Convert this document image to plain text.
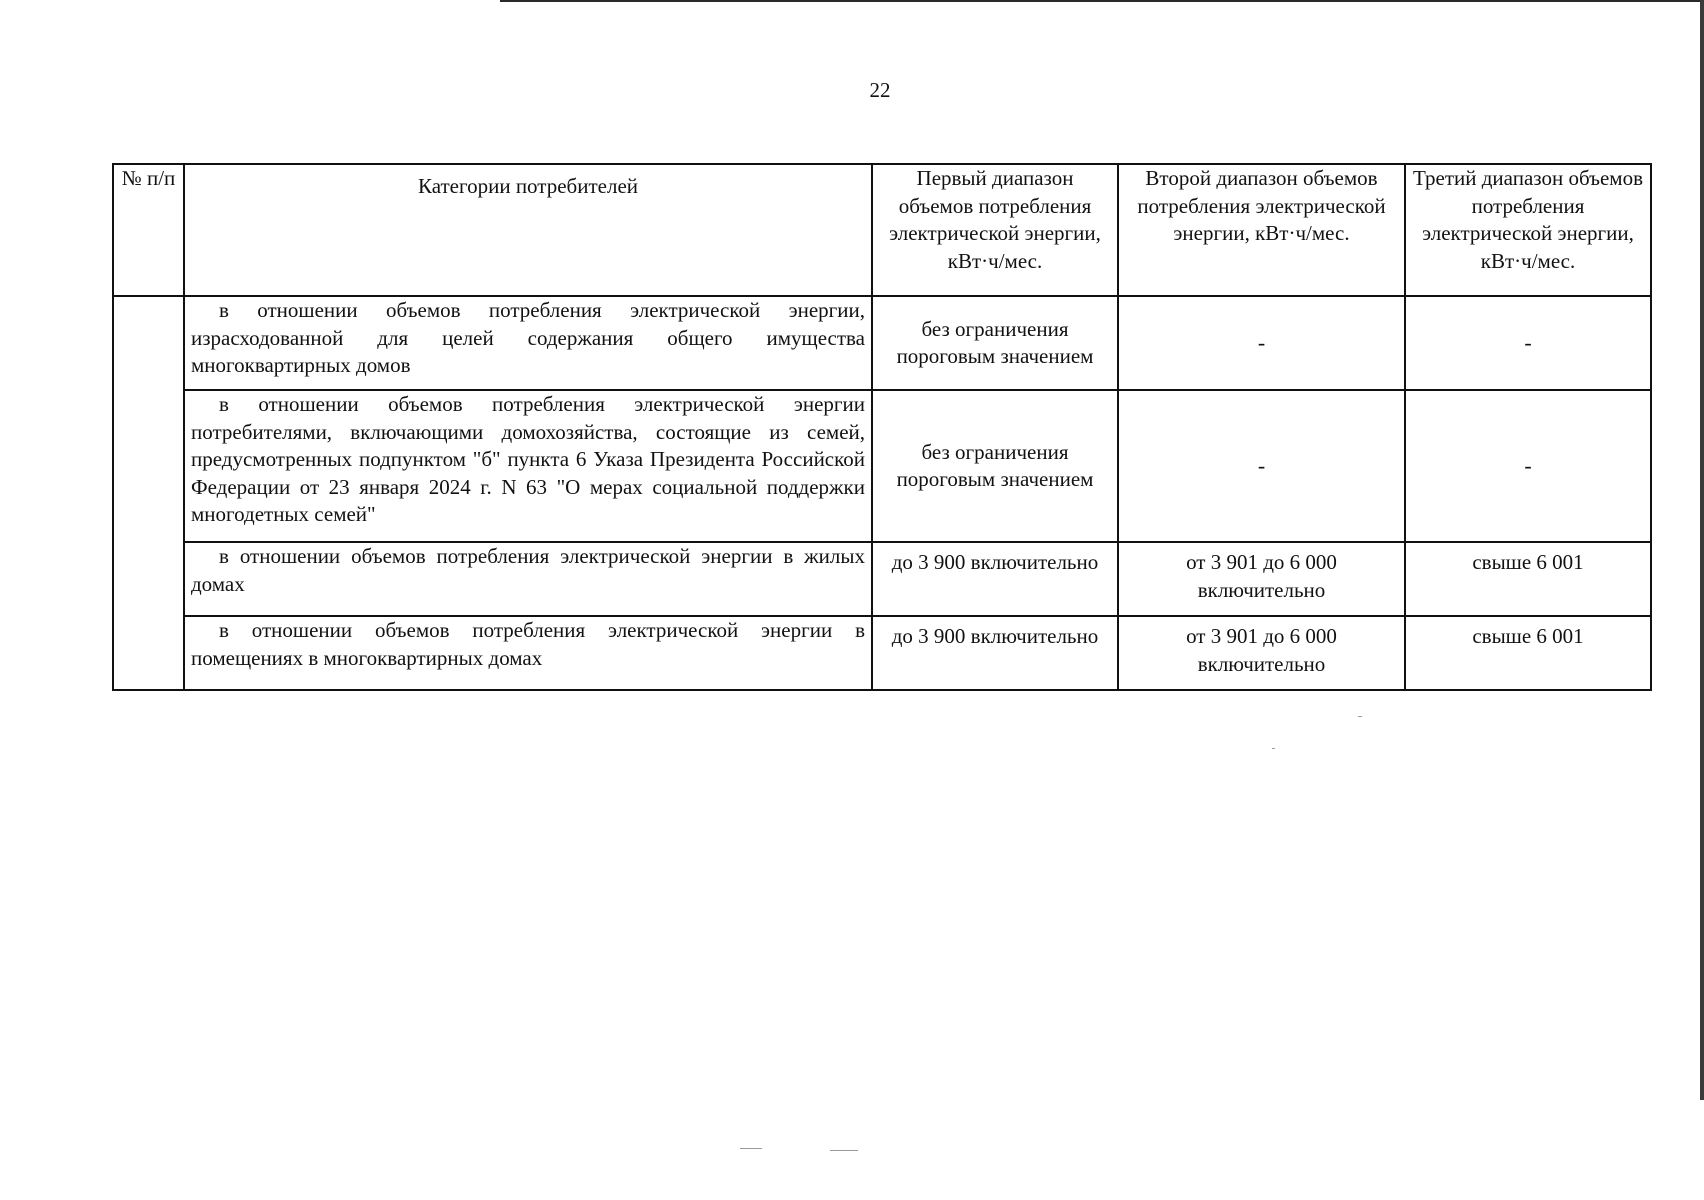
22
№ п/п	Категории потребителей	Первый диапазон объемов потребления электрической энергии, кВт·ч/мес.	Второй диапазон объемов потребления электрической энергии, кВт·ч/мес.	Третий диапазон объемов потребления электрической энергии, кВт·ч/мес.
	в отношении объемов потребления электрической энергии, израсходованной для целей содержания общего имущества многоквартирных домов	без ограничения пороговым значением	-	-
	в отношении объемов потребления электрической энергии потребителями, включающими домохозяйства, состоящие из семей, предусмотренных подпунктом "б" пункта 6 Указа Президента Российской Федерации от 23 января 2024 г. N 63 "О мерах социальной поддержки многодетных семей"	без ограничения пороговым значением	-	-
	в отношении объемов потребления электрической энергии в жилых домах	до 3 900 включительно	от 3 901 до 6 000 включительно	свыше 6 001
	в отношении объемов потребления электрической энергии в помещениях в многоквартирных домах	до 3 900 включительно	от 3 901 до 6 000 включительно	свыше 6 001
